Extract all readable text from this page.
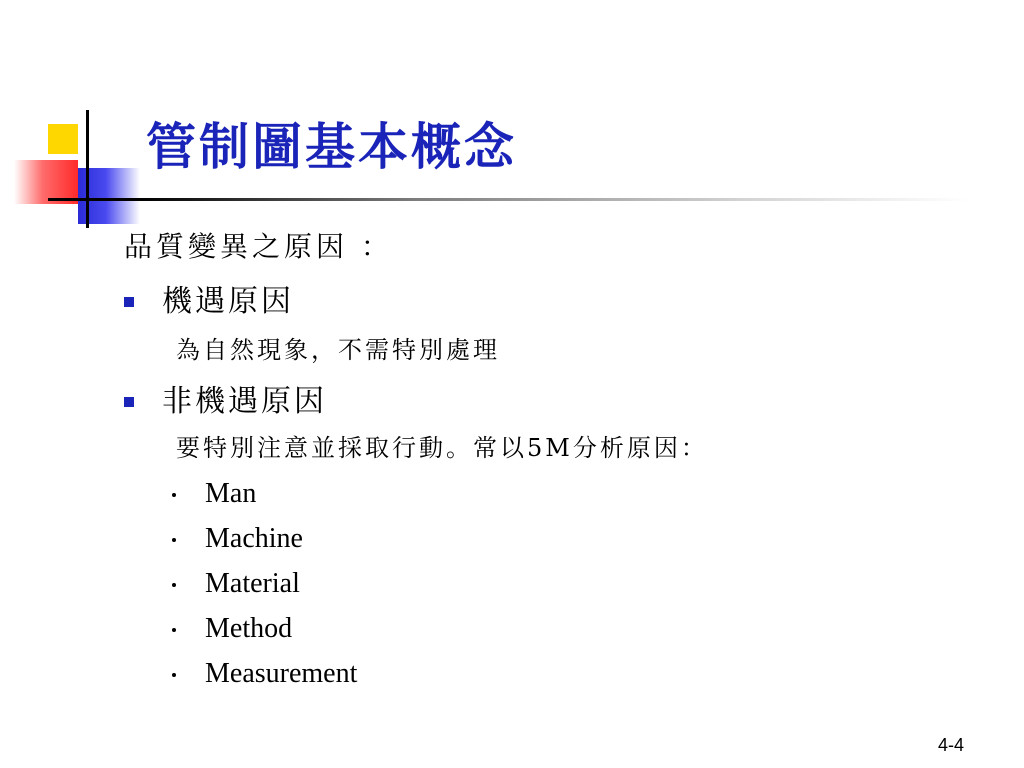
管制圖基本概念
品質變異之原因 ：
機遇原因
為自然現象，不需特別處理
非機遇原因
要特別注意並採取行動。常以5M分析原因：
Man
Machine
Material
Method
Measurement
4-4
